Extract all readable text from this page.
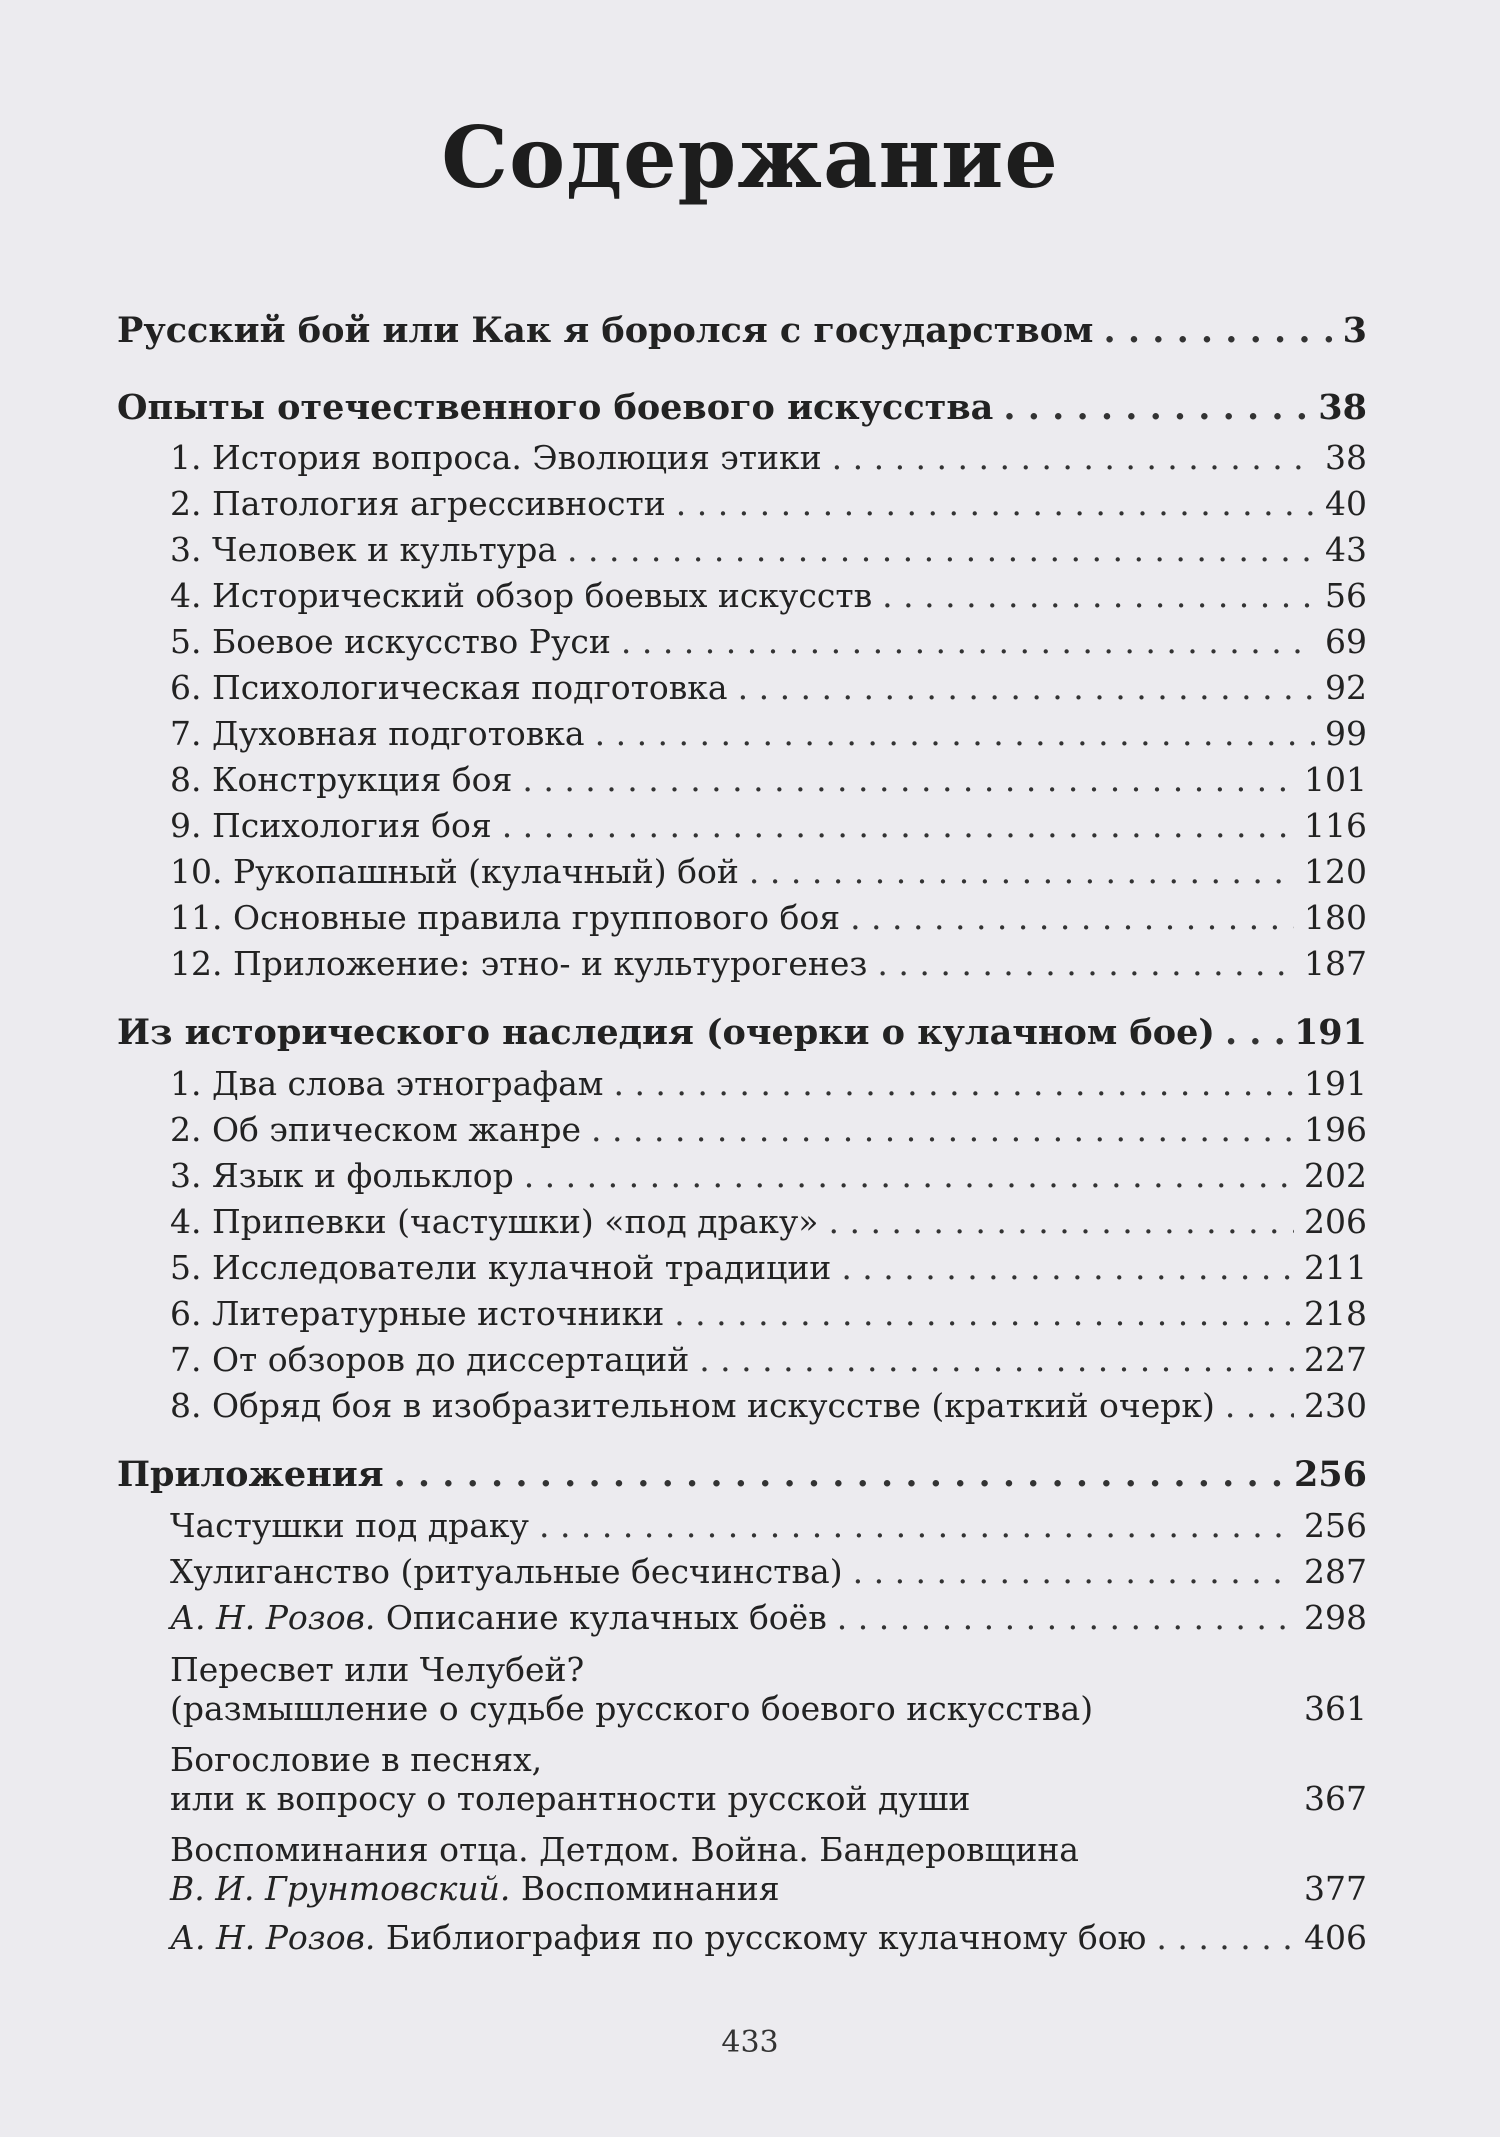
Содержание
Русский бой или Как я боролся с государством . . .	3
Опыты отечественного боевого искусства . . .	38
1. История вопроса. Эволюция этики . . .	38
2. Патология агрессивности . . .	40
3. Человек и культура . . .	43
4. Исторический обзор боевых искусств . . .	56
5. Боевое искусство Руси . . .	69
6. Психологическая подготовка . . .	92
7. Духовная подготовка . . .	99
8. Конструкция боя . . .	101
9. Психология боя . . .	116
10. Рукопашный (кулачный) бой . . .	120
11. Основные правила группового боя . . .	180
12. Приложение: этно- и культурогенез . . .	187
Из исторического наследия (очерки о кулачном бое) . . . 191
1. Два слова этнографам . . .	191
2. Об эпическом жанре . . .	196
3. Язык и фольклор . . .	202
4. Припевки (частушки) «под драку» . . .	206
5. Исследователи кулачной традиции . . .	211
6. Литературные источники . . .	218
7. От обзоров до диссертаций . . .	227
8. Обряд боя в изобразительном искусстве (краткий очерк) . . .	230
Приложения . . .	256
Частушки под драку . . .	256
Хулиганство (ритуальные бесчинства) . . .	287
А. Н. Розов. Описание кулачных боёв . . .	298
Пересвет или Челубей?
(размышление о судьбе русского боевого искусства)	361
Богословие в песнях,
или к вопросу о толерантности русской души	367
Воспоминания отца. Детдом. Война. Бандеровщина
В. И. Грунтовский. Воспоминания	377
А. Н. Розов. Библиография по русскому кулачному бою . . .	406
433
